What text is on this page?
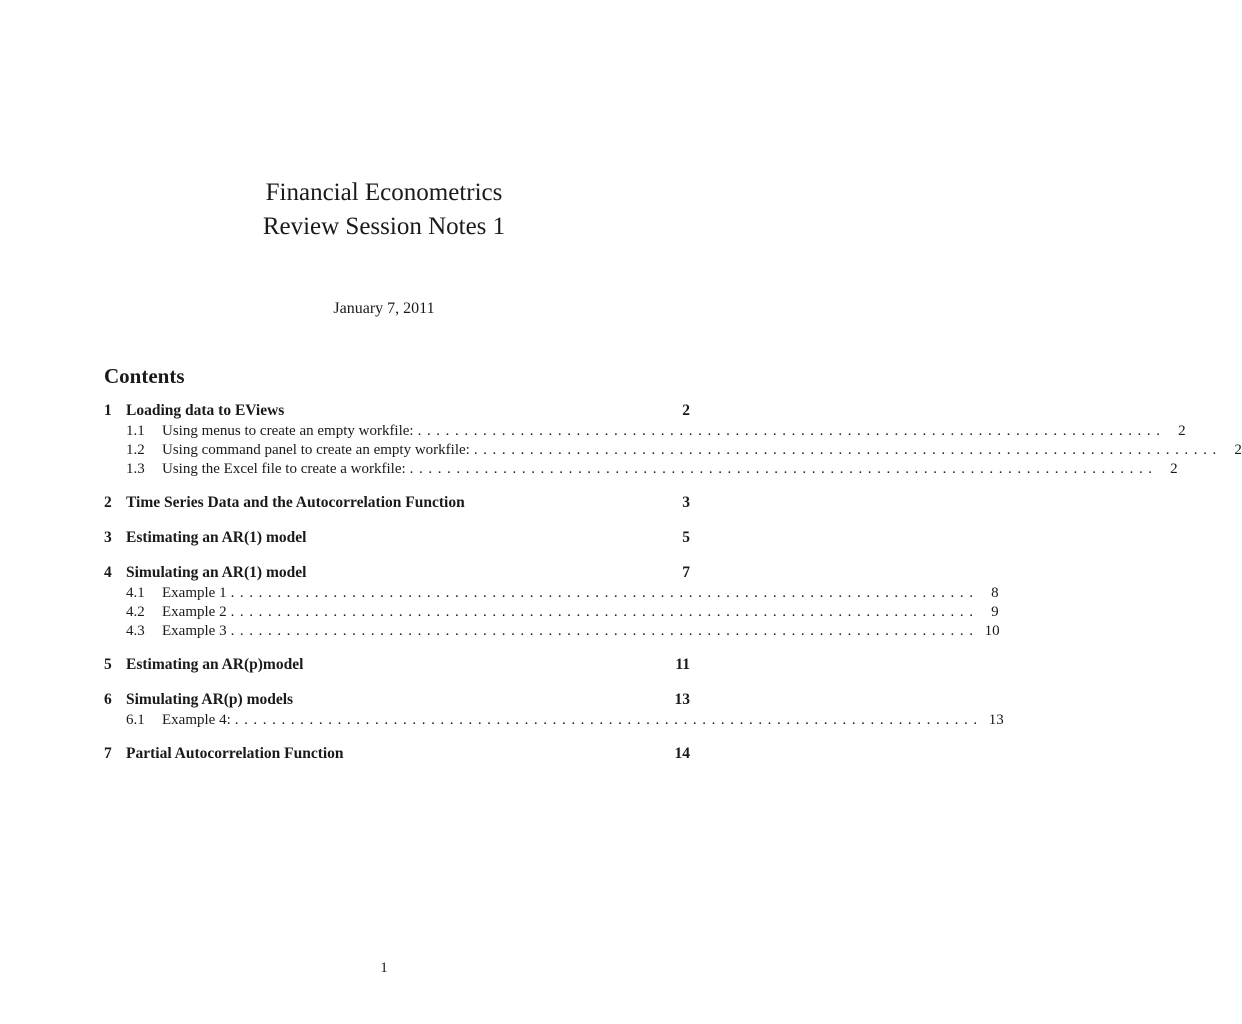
Financial Econometrics
Review Session Notes 1
January 7, 2011
Contents
1 Loading data to EViews	2
1.1	Using menus to create an empty workfile: ................................................................................ 2
1.2	Using command panel to create an empty workfile: ................................................................................ 2
1.3	Using the Excel file to create a workfile: ................................................................................ 2
2 Time Series Data and the Autocorrelation Function	3
3 Estimating an AR(1) model	5
4 Simulating an AR(1) model	7
4.1	Example 1 ................................................................................ 8
4.2	Example 2 ................................................................................ 9
4.3	Example 3 ................................................................................ 10
5 Estimating an AR(p)model	11
6 Simulating AR(p) models	13
6.1	Example 4: ................................................................................ 13
7 Partial Autocorrelation Function	14
1
